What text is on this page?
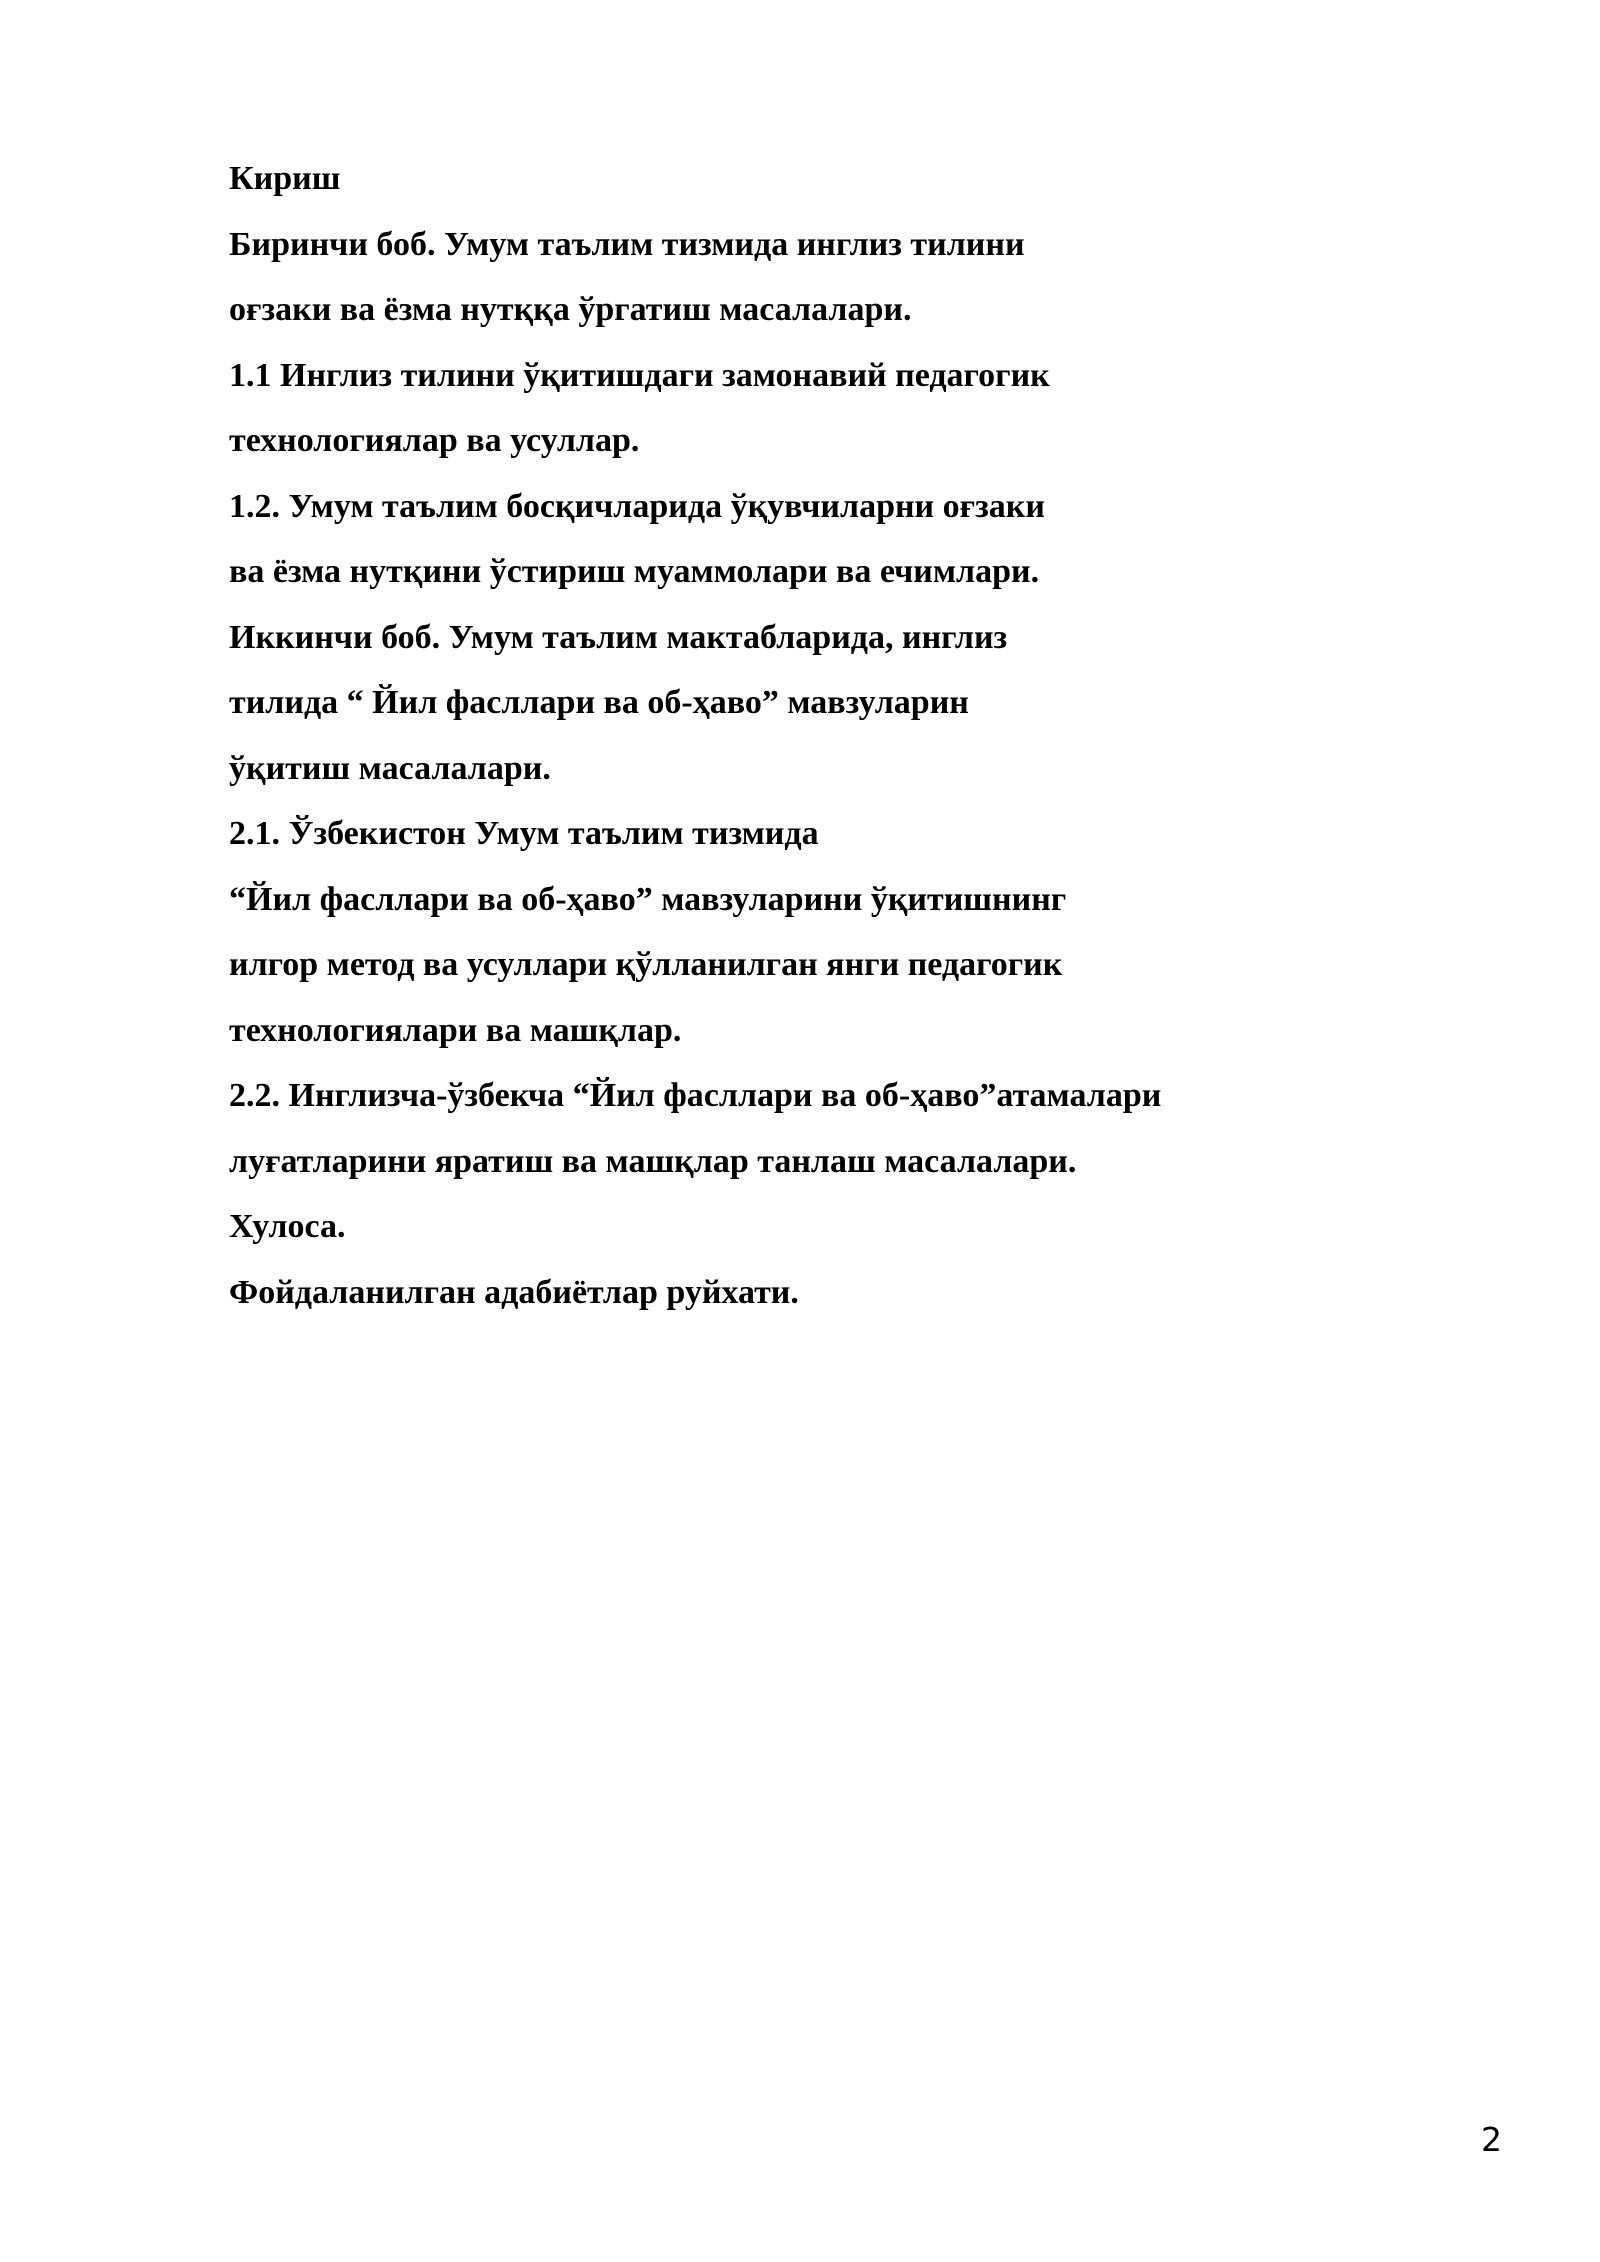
Кириш

Биринчи боб. Умум таълим тизмида инглиз тилини

оғзаки ва ёзма нутққа ўргатиш масалалари.

1.1 Инглиз тилини ўқитишдаги замонавий педагогик

технологиялар ва усуллар.

1.2. Умум таълим босқичларида ўқувчиларни оғзаки

ва ёзма нутқини ўстириш муаммолари ва ечимлари.

Иккинчи боб. Умум таълим мактабларида, инглиз

тилида “ Йил фасллари ва об-ҳаво” мавзуларин

ўқитиш масалалари.

2.1. Ўзбекистон Умум таълим тизмида

“Йил фасллари ва об-ҳаво” мавзуларини ўқитишнинг

илгор метод ва усуллари қўлланилган янги педагогик

технологиялари ва машқлар.

2.2. Инглизча-ўзбекча “Йил фасллари ва об-ҳаво”атамалари

луғатларини яратиш ва машқлар танлаш масалалари.

Хулоса.

Фойдаланилган адабиётлар руйхати.

2
